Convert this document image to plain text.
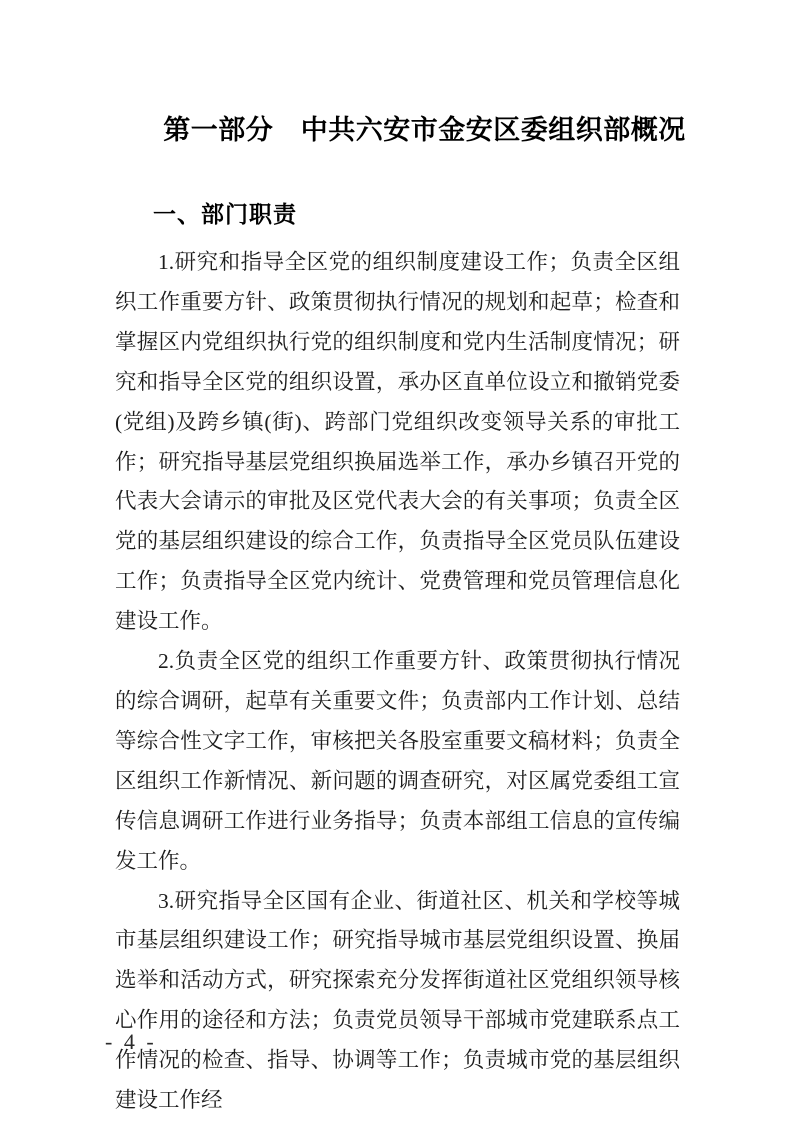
第一部分　中共六安市金安区委组织部概况
一、部门职责

1.研究和指导全区党的组织制度建设工作；负责全区组织工作重要方针、政策贯彻执行情况的规划和起草；检查和掌握区内党组织执行党的组织制度和党内生活制度情况；研究和指导全区党的组织设置，承办区直单位设立和撤销党委(党组)及跨乡镇(街)、跨部门党组织改变领导关系的审批工作；研究指导基层党组织换届选举工作，承办乡镇召开党的代表大会请示的审批及区党代表大会的有关事项；负责全区党的基层组织建设的综合工作，负责指导全区党员队伍建设工作；负责指导全区党内统计、党费管理和党员管理信息化建设工作。

2.负责全区党的组织工作重要方针、政策贯彻执行情况的综合调研，起草有关重要文件；负责部内工作计划、总结等综合性文字工作，审核把关各股室重要文稿材料；负责全区组织工作新情况、新问题的调查研究，对区属党委组工宣传信息调研工作进行业务指导；负责本部组工信息的宣传编发工作。

3.研究指导全区国有企业、街道社区、机关和学校等城市基层组织建设工作；研究指导城市基层党组织设置、换届选举和活动方式，研究探索充分发挥街道社区党组织领导核心作用的途径和方法；负责党员领导干部城市党建联系点工作情况的检查、指导、协调等工作；负责城市党的基层组织建设工作经

- 4 -
